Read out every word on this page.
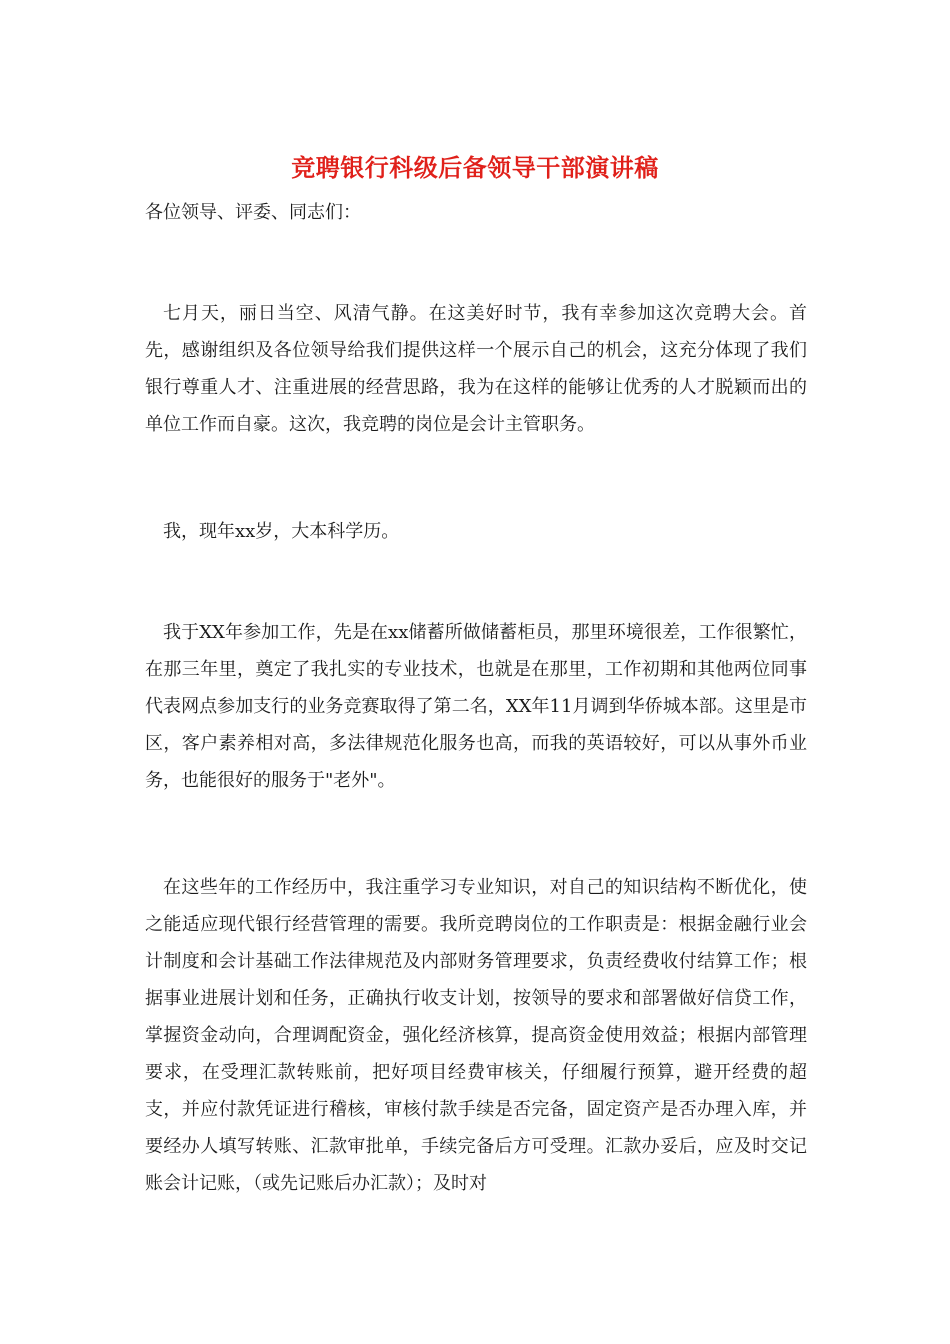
竞聘银行科级后备领导干部演讲稿
各位领导、评委、同志们：

七月天，丽日当空、风清气静。在这美好时节，我有幸参加这次竞聘大会。首先，感谢组织及各位领导给我们提供这样一个展示自己的机会，这充分体现了我们银行尊重人才、注重进展的经营思路，我为在这样的能够让优秀的人才脱颖而出的单位工作而自豪。这次，我竞聘的岗位是会计主管职务。

我，现年xx岁，大本科学历。

我于XX年参加工作，先是在xx储蓄所做储蓄柜员，那里环境很差，工作很繁忙，在那三年里，奠定了我扎实的专业技术，也就是在那里，工作初期和其他两位同事代表网点参加支行的业务竞赛取得了第二名，XX年11月调到华侨城本部。这里是市区，客户素养相对高，多法律规范化服务也高，而我的英语较好，可以从事外币业务，也能很好的服务于"老外"。

在这些年的工作经历中，我注重学习专业知识，对自己的知识结构不断优化，使之能适应现代银行经营管理的需要。我所竞聘岗位的工作职责是：根据金融行业会计制度和会计基础工作法律规范及内部财务管理要求，负责经费收付结算工作；根据事业进展计划和任务，正确执行收支计划，按领导的要求和部署做好信贷工作，掌握资金动向，合理调配资金，强化经济核算，提高资金使用效益；根据内部管理要求，在受理汇款转账前，把好项目经费审核关，仔细履行预算，避开经费的超支，并应付款凭证进行稽核，审核付款手续是否完备，固定资产是否办理入库，并要经办人填写转账、汇款审批单，手续完备后方可受理。汇款办妥后，应及时交记账会计记账，（或先记账后办汇款）；及时对
